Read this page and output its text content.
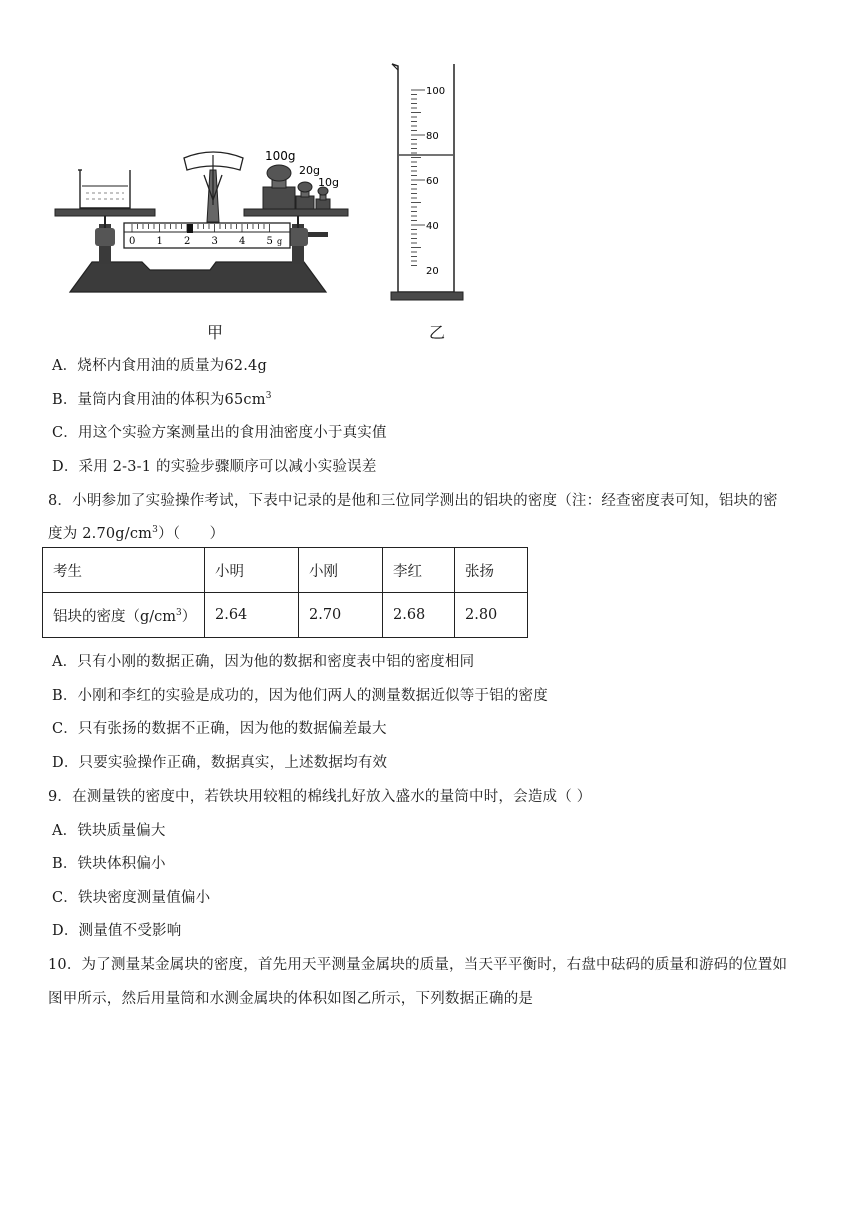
0 1 2 3 4 5 g
100g
20g
10g
100
80
60
40
20
甲	乙
A．烧杯内食用油的质量为62.4g
B．量筒内食用油的体积为$65cm^3$
C．用这个实验方案测量出的食用油密度小于真实值
D．采用 2-3-1 的实验步骤顺序可以减小实验误差
8．小明参加了实验操作考试，下表中记录的是他和三位同学测出的铝块的密度（注：经查密度表可知，铝块的密
度为 $2.70g/cm^3$）（　　）
考生	小明	小刚	李红	张扬
铝块的密度$(g/cm^3)$	2.64	2.70	2.68	2.80
A．只有小刚的数据正确，因为他的数据和密度表中铝的密度相同
B．小刚和李红的实验是成功的，因为他们两人的测量数据近似等于铝的密度
C．只有张扬的数据不正确，因为他的数据偏差最大
D．只要实验操作正确，数据真实，上述数据均有效
9．在测量铁的密度中，若铁块用较粗的棉线扎好放入盛水的量筒中时，会造成（ ）
A．铁块质量偏大
B．铁块体积偏小
C．铁块密度测量值偏小
D．测量值不受影响
10．为了测量某金属块的密度，首先用天平测量金属块的质量，当天平平衡时，右盘中砝码的质量和游码的位置如
图甲所示，然后用量筒和水测金属块的体积如图乙所示，下列数据正确的是
